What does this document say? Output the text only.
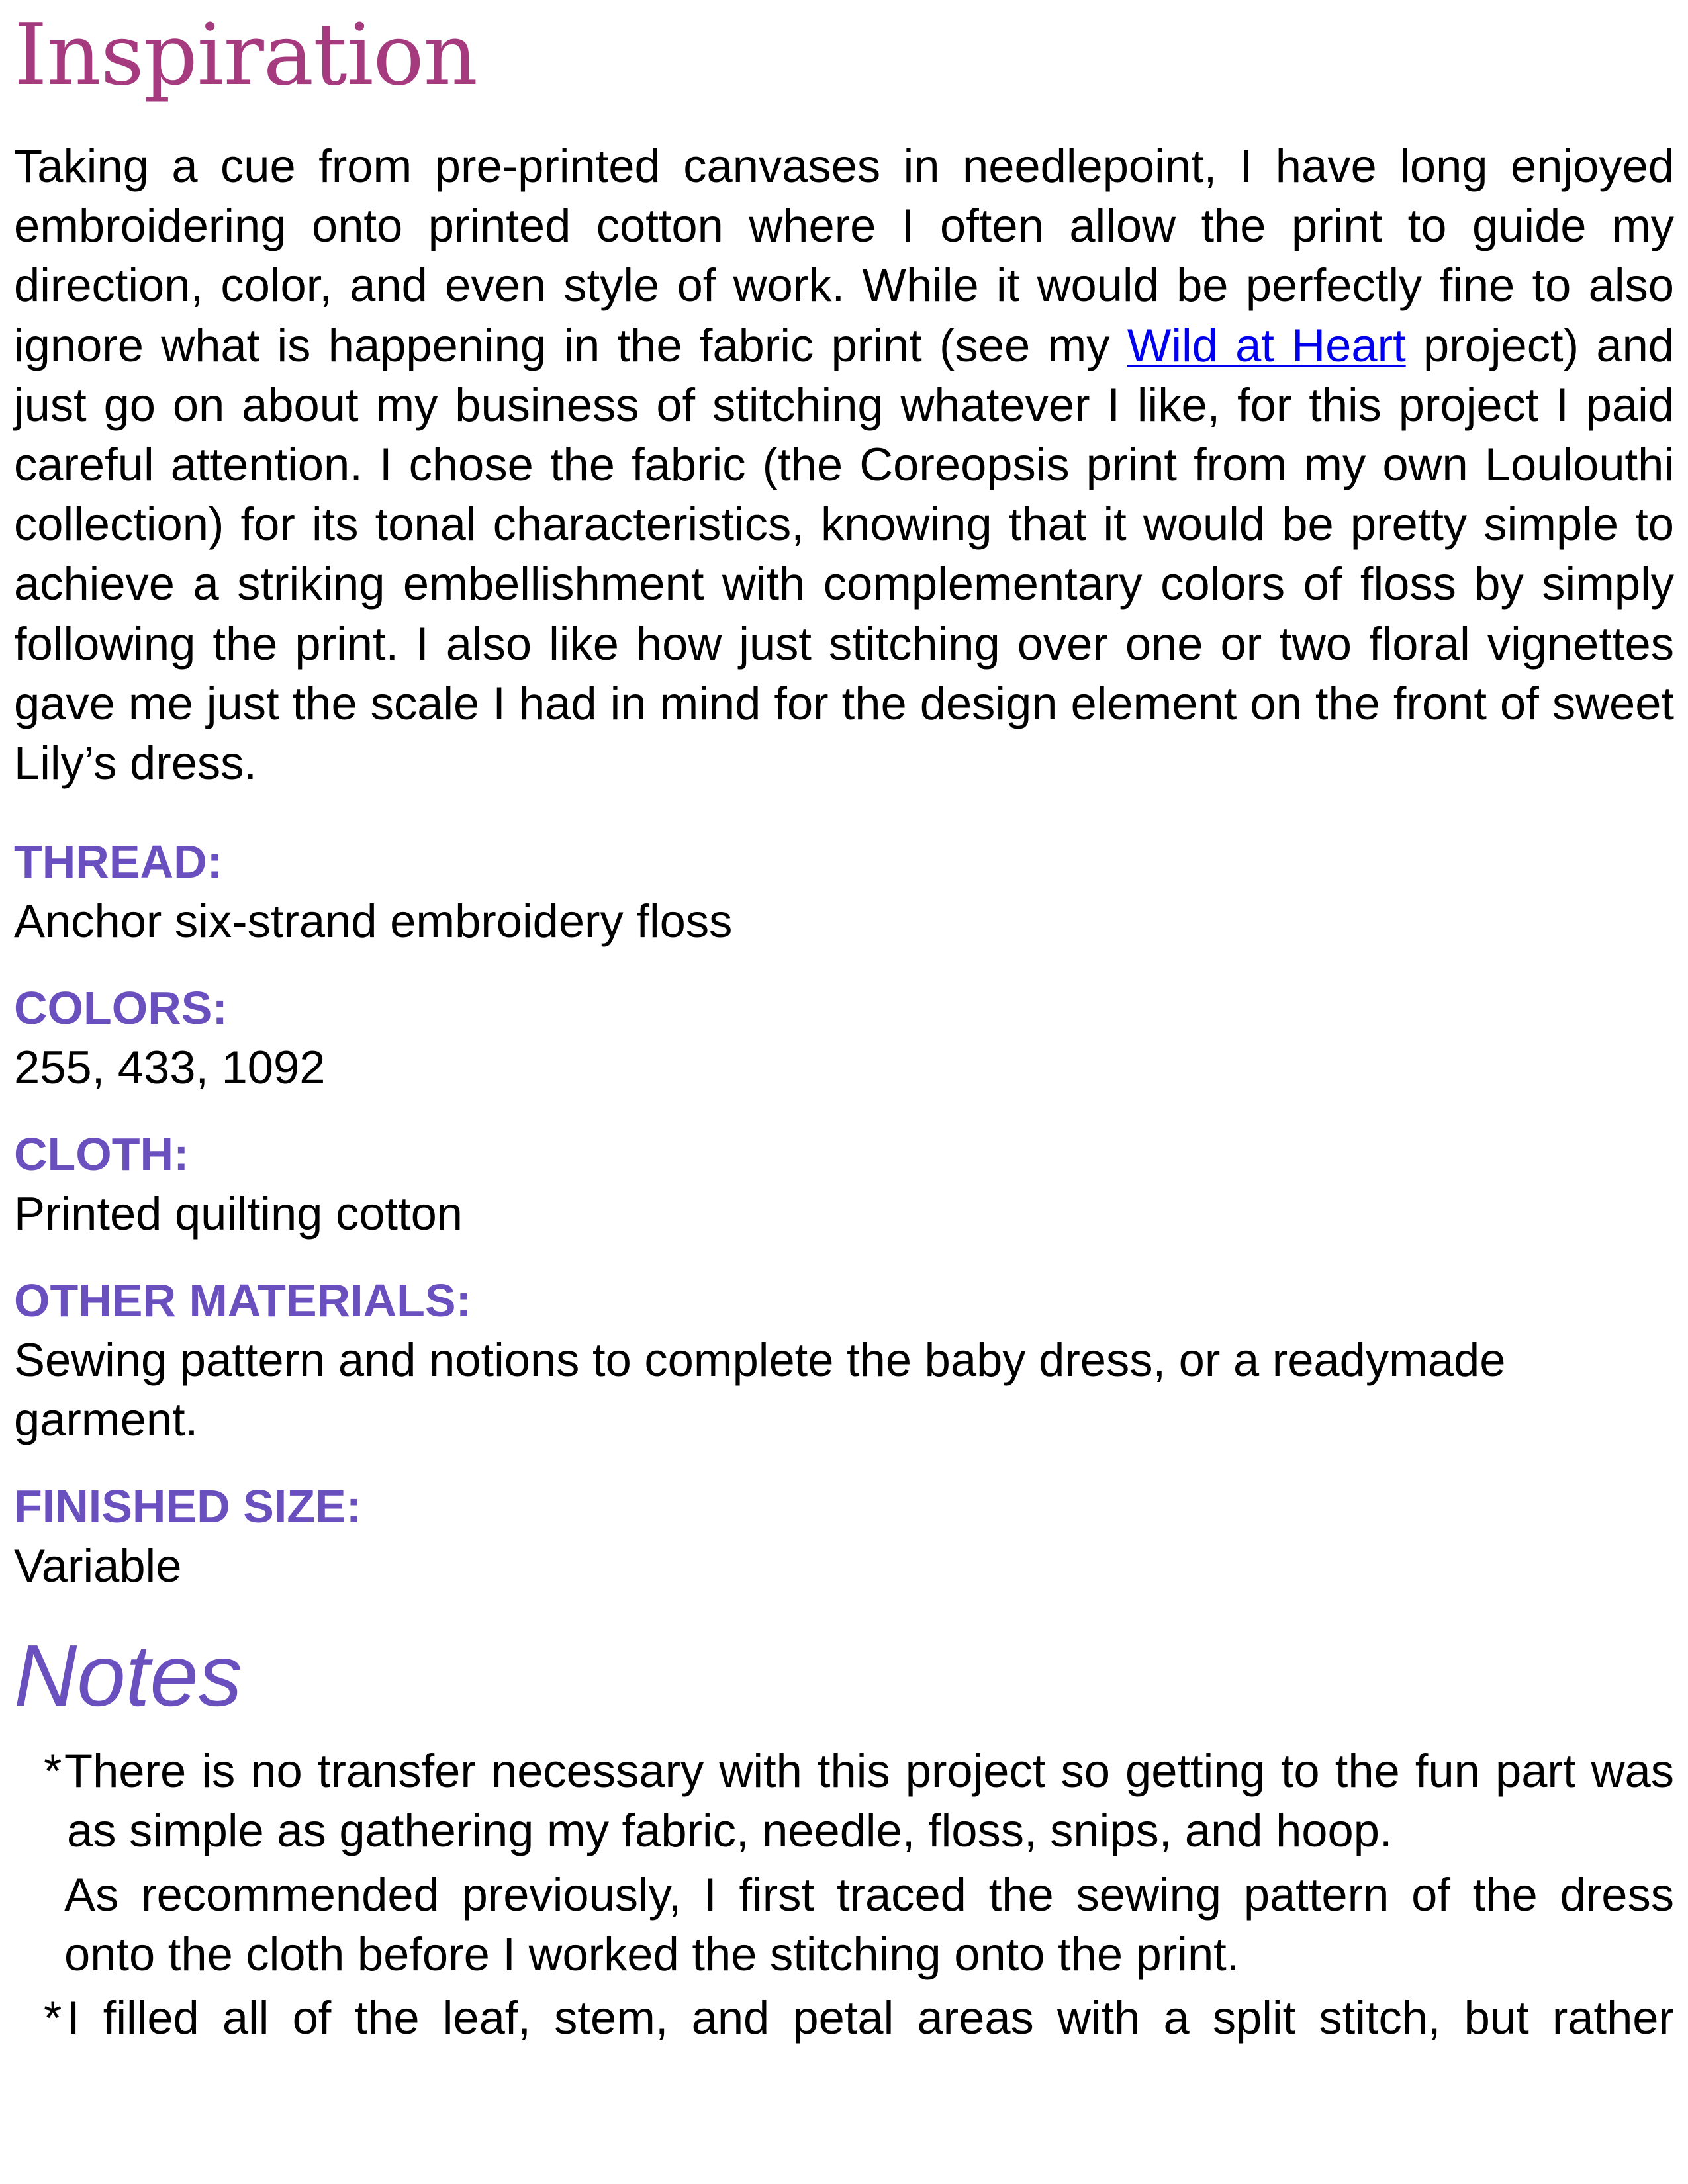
Inspiration

Taking a cue from pre-printed canvases in needlepoint, I have long enjoyed embroidering onto printed cotton where I often allow the print to guide my direction, color, and even style of work. While it would be perfectly fine to also ignore what is happening in the fabric print (see my Wild at Heart project) and just go on about my business of stitching whatever I like, for this project I paid careful attention. I chose the fabric (the Coreopsis print from my own Loulouthi collection) for its tonal characteristics, knowing that it would be pretty simple to achieve a striking embellishment with complementary colors of floss by simply following the print. I also like how just stitching over one or two floral vignettes gave me just the scale I had in mind for the design element on the front of sweet Lily’s dress.

THREAD:

Anchor six-strand embroidery floss

COLORS:

255, 433, 1092

CLOTH:

Printed quilting cotton

OTHER MATERIALS:

Sewing pattern and notions to complete the baby dress, or a readymade garment.

FINISHED SIZE:

Variable

Notes
* There is no transfer necessary with this project so getting to the fun part was as simple as gathering my fabric, needle, floss, snips, and hoop.
As recommended previously, I first traced the sewing pattern of the dress onto the cloth before I worked the stitching onto the print.
* I filled all of the leaf, stem, and petal areas with a split stitch, but rather
